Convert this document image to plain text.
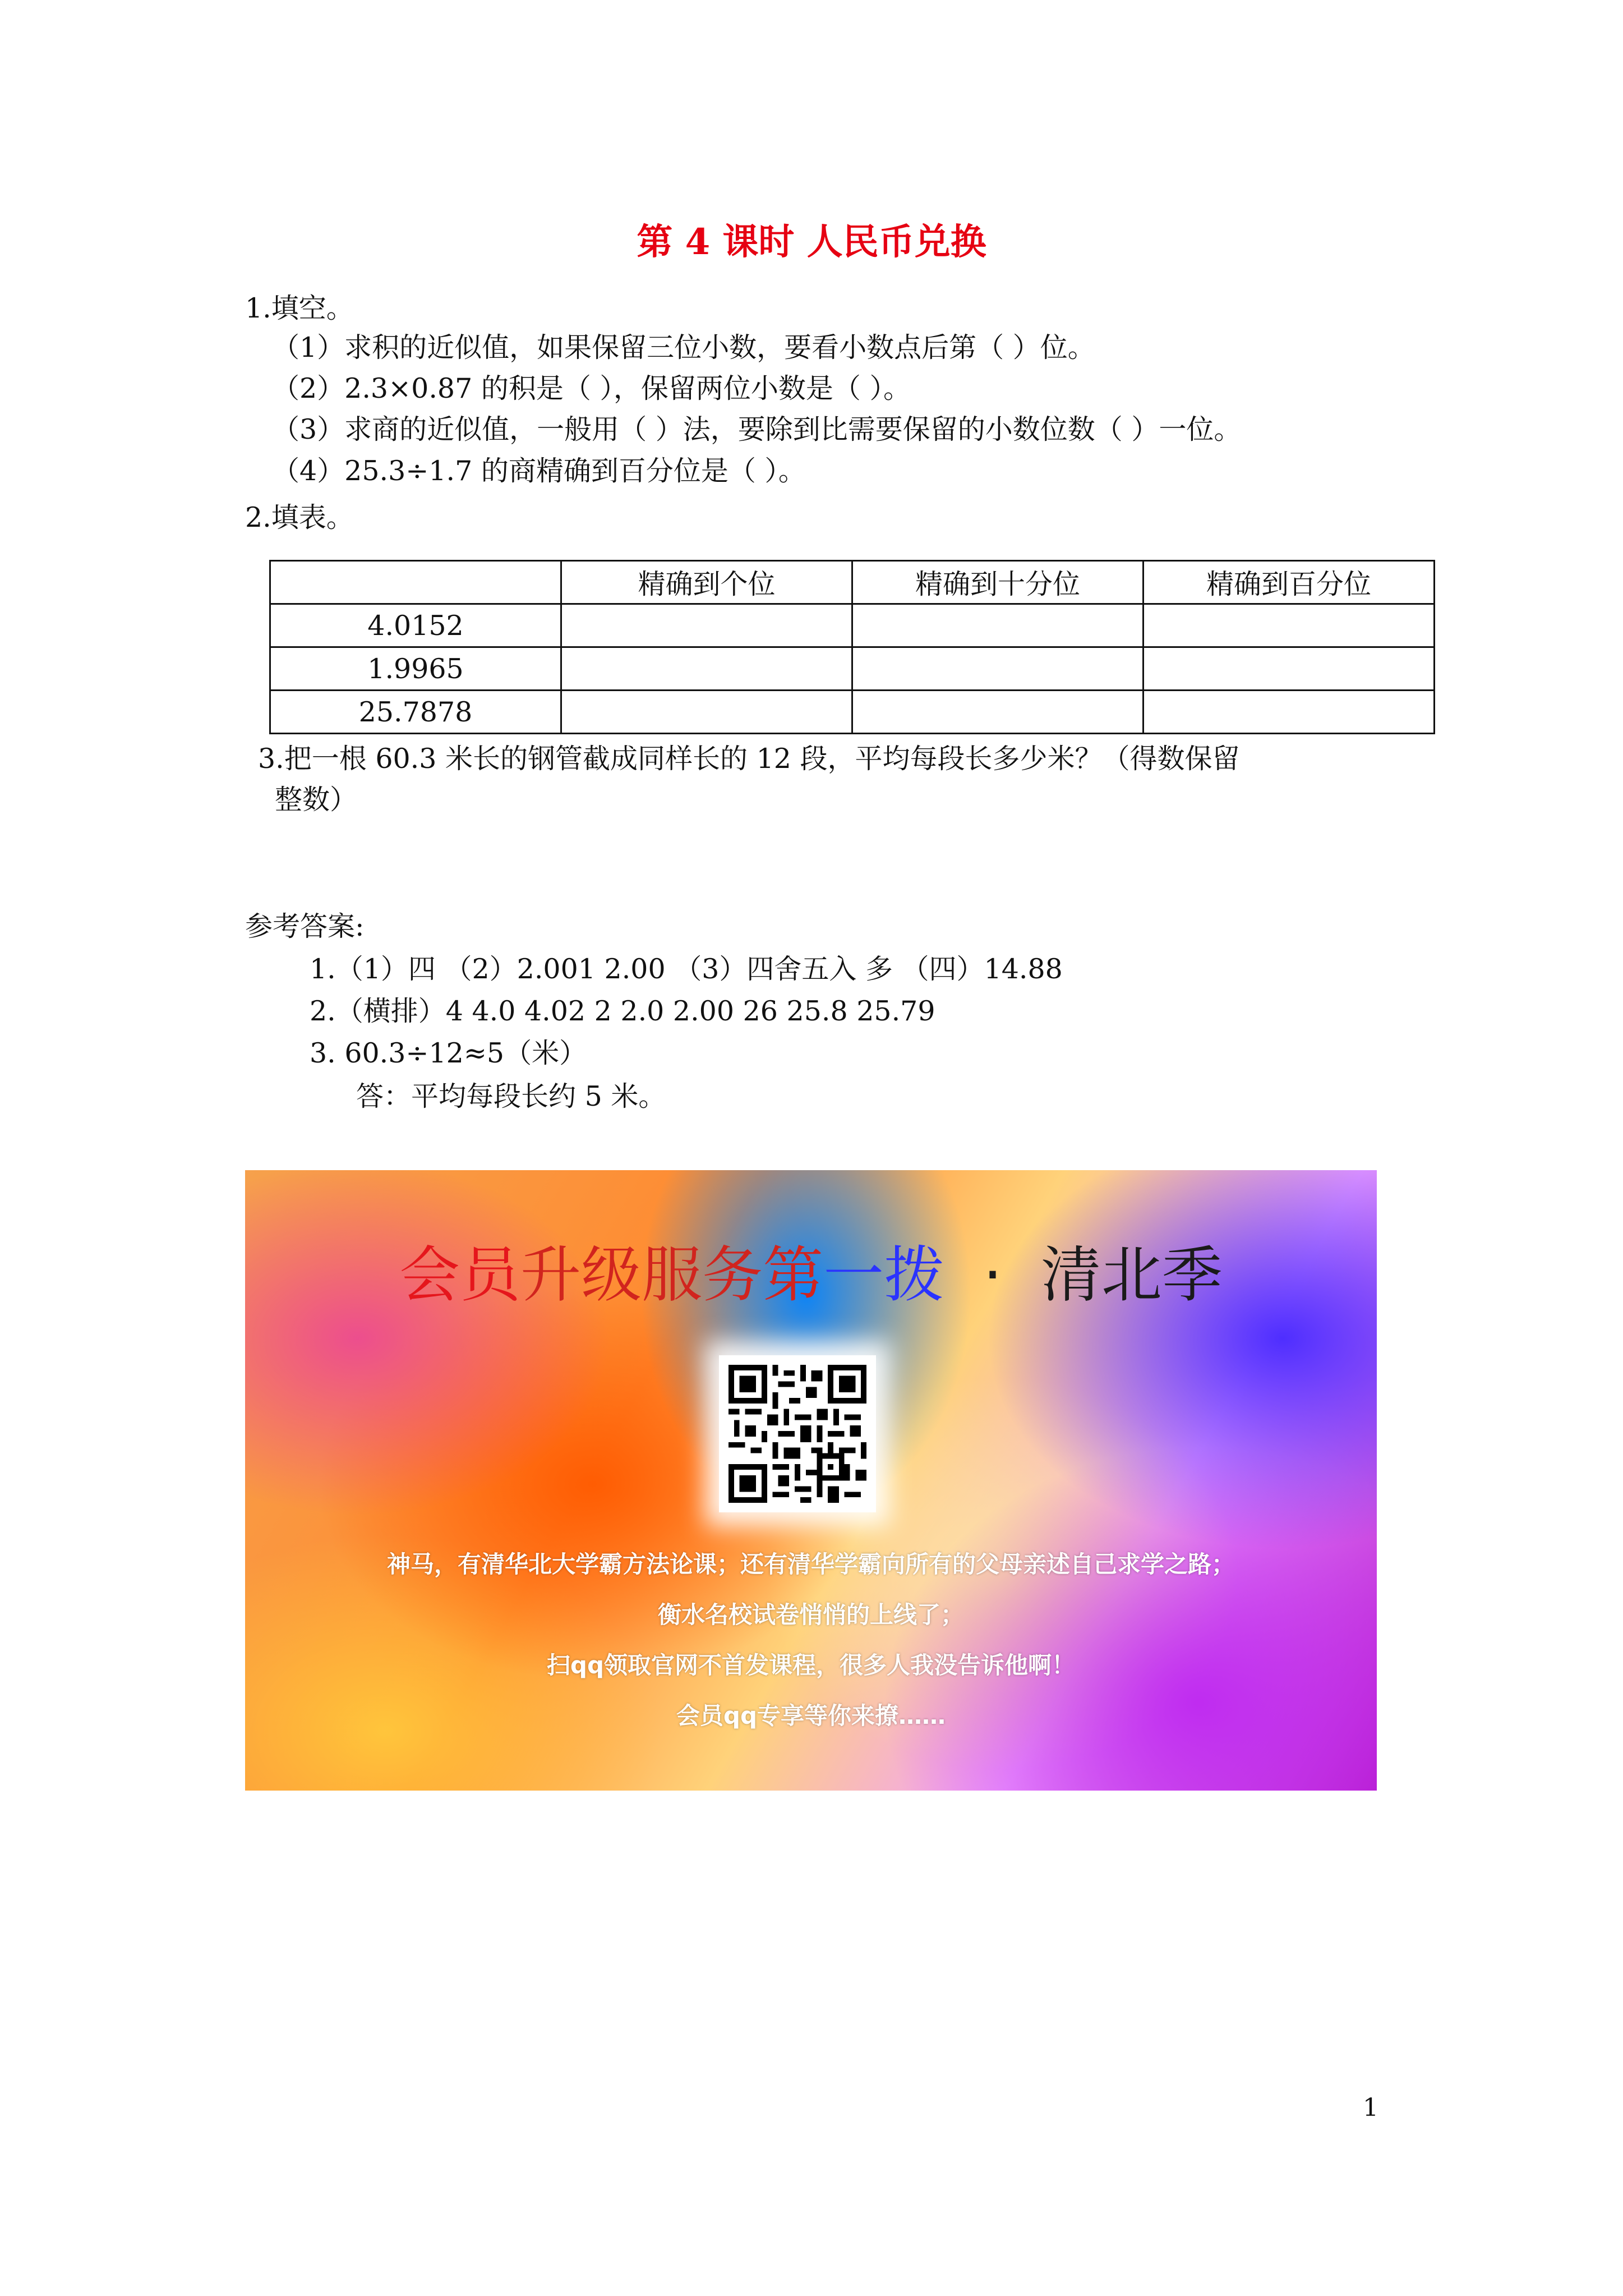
第 4 课时 人民币兑换
1.填空。
（1）求积的近似值，如果保留三位小数，要看小数点后第（ ）位。
（2）2.3×0.87 的积是（ ），保留两位小数是（ ）。
（3）求商的近似值，一般用（ ）法，要除到比需要保留的小数位数（ ）一位。
（4）25.3÷1.7 的商精确到百分位是（ ）。
2.填表。
	精确到个位	精确到十分位	精确到百分位
4.0152			
1.9965			
25.7878			
3.把一根 60.3 米长的钢管截成同样长的 12 段，平均每段长多少米？（得数保留
整数）
参考答案:
1.（1）四 （2）2.001 2.00 （3）四舍五入 多 （四）14.88
2.（横排）4 4.0 4.02 2 2.0 2.00 26 25.8 25.79
3. 60.3÷12≈5（米）
答：平均每段长约 5 米。
会员升级服务第一拨  ·  清北季
神马，有清华北大学霸方法论课；还有清华学霸向所有的父母亲述自己求学之路；
衡水名校试卷悄悄的上线了；
扫qq领取官网不首发课程，很多人我没告诉他啊！
会员qq专享等你来撩……
1
